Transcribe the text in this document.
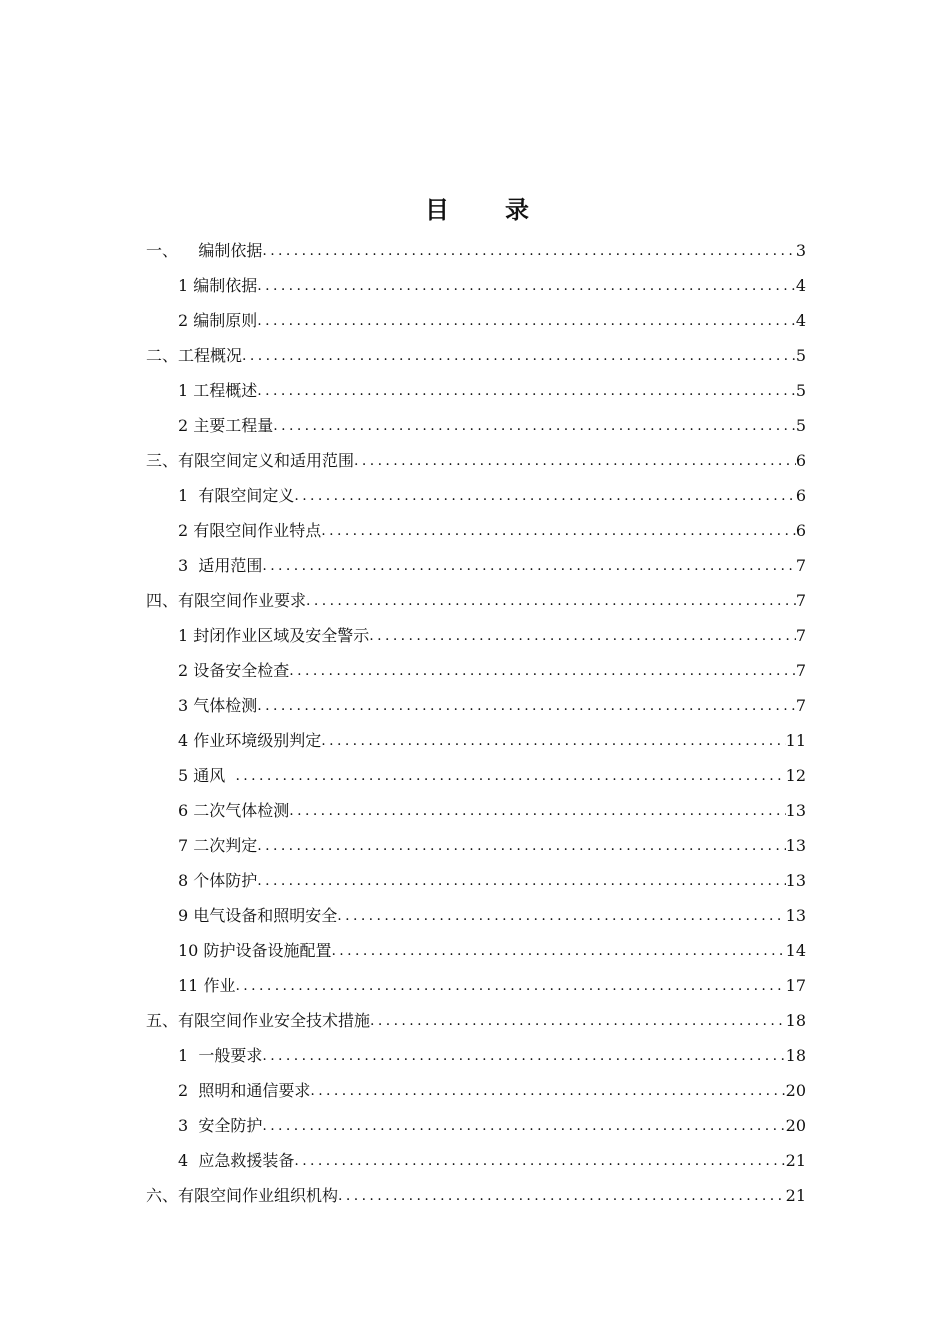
目录
一、    编制依据 .....	3
1 编制依据 .....	4
2 编制原则 .....	4
二、工程概况 .....	5
1 工程概述 .....	5
2 主要工程量 .....	5
三、有限空间定义和适用范围 .....	6
1  有限空间定义 .....	6
2 有限空间作业特点 .....	6
3  适用范围 .....	7
四、有限空间作业要求 .....	7
1 封闭作业区域及安全警示 .....	7
2 设备安全检查 .....	7
3 气体检测 .....	7
4 作业环境级别判定 .....	11
5 通风 .....	12
6 二次气体检测 .....	13
7 二次判定 .....	13
8 个体防护 .....	13
9 电气设备和照明安全 .....	13
10 防护设备设施配置 .....	14
11 作业 .....	17
五、有限空间作业安全技术措施 .....	18
1  一般要求 .....	18
2  照明和通信要求 .....	20
3  安全防护 .....	20
4  应急救援装备 .....	21
六、有限空间作业组织机构 .....	21
